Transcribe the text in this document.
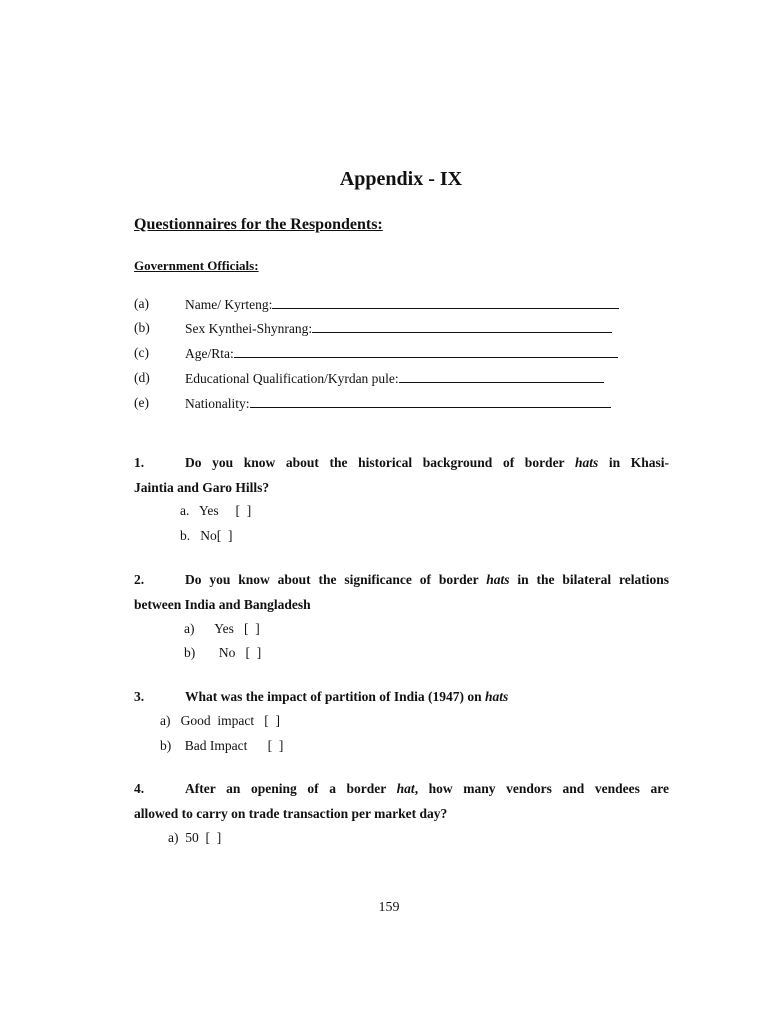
Appendix - IX
Questionnaires for the Respondents:
Government Officials:
(a)	Name/ Kyrteng:
(b)	Sex Kynthei-Shynrang:
(c)	Age/Rta:
(d)	Educational Qualification/Kyrdan pule:
(e)	Nationality:
1.	Do you know about the historical background of border hats in Khasi-
Jaintia and Garo Hills?
a.   Yes     [  ]
b.   No[  ]
2.	Do you know about the significance of border hats in the bilateral relations
between India and Bangladesh
a)      Yes   [  ]
b)       No   [  ]
3.	What was the impact of partition of India (1947) on hats
a)   Good  impact   [  ]
b)    Bad Impact      [  ]
4.	After an opening of a border hat, how many vendors and vendees are
allowed to carry on trade transaction per market day?
a)  50  [  ]
159
